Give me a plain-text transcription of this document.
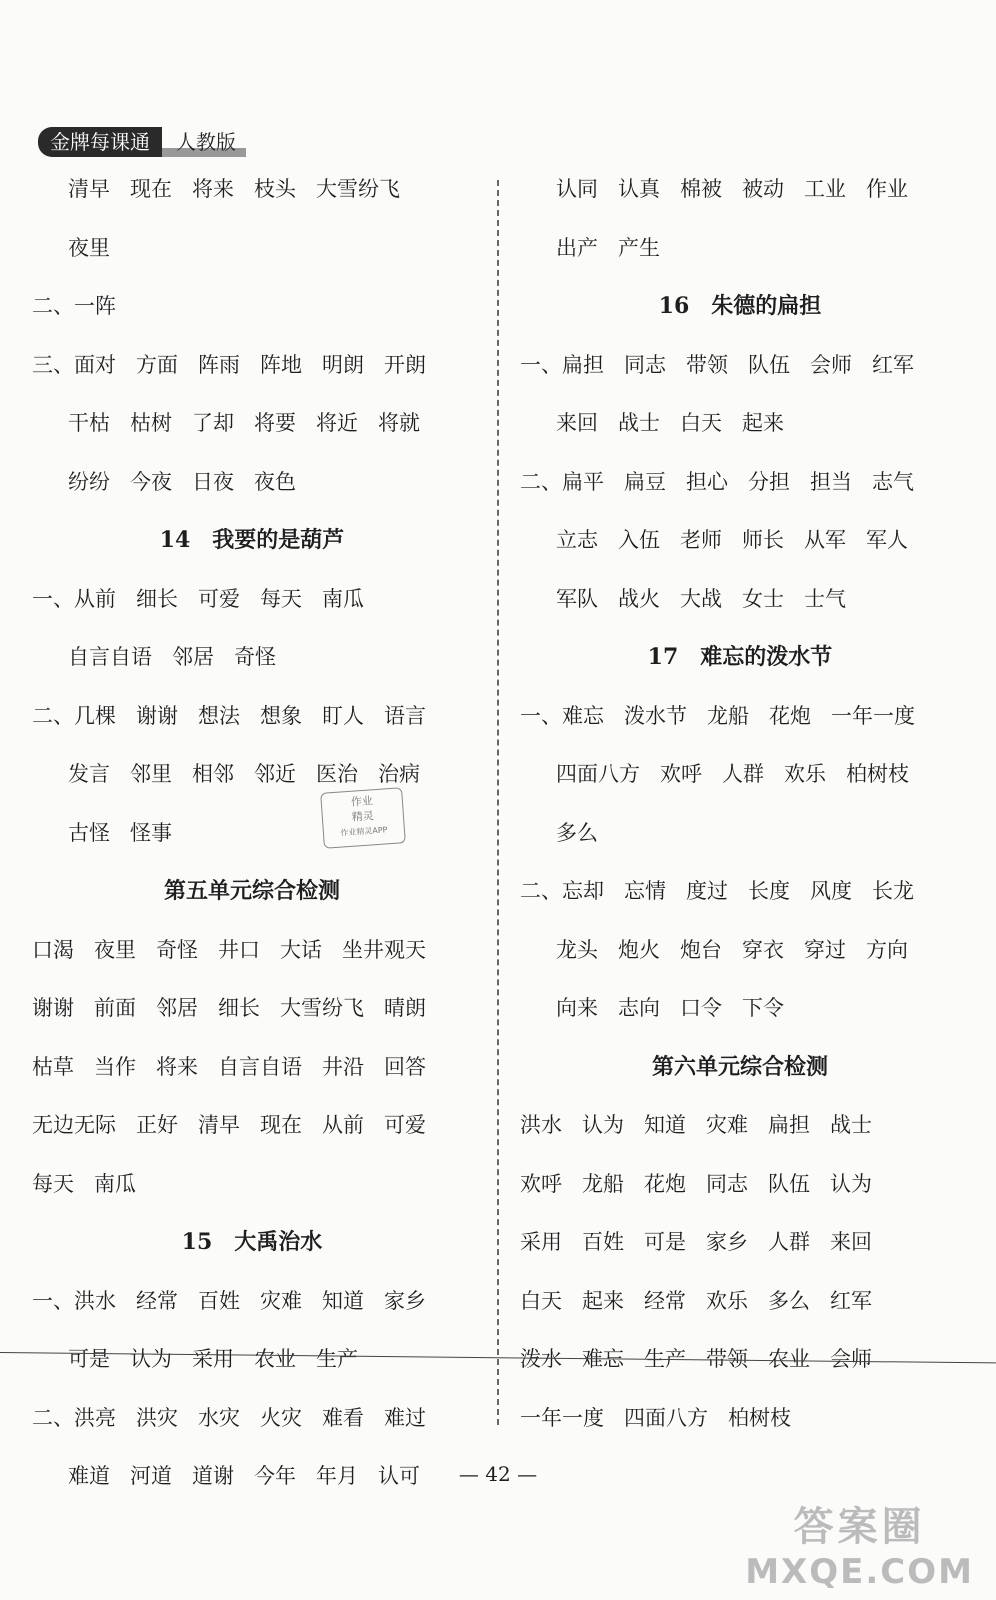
金牌每课通	人教版
清早 现在 将来 枝头 大雪纷飞
夜里
二、一阵
三、面对 方面 阵雨 阵地 明朗 开朗
干枯 枯树 了却 将要 将近 将就
纷纷 今夜 日夜 夜色
14 我要的是葫芦
一、从前 细长 可爱 每天 南瓜
自言自语 邻居 奇怪
二、几棵 谢谢 想法 想象 盯人 语言
发言 邻里 相邻 邻近 医治 治病
古怪 怪事
第五单元综合检测
口渴 夜里 奇怪 井口 大话 坐井观天
谢谢 前面 邻居 细长 大雪纷飞 晴朗
枯草 当作 将来 自言自语 井沿 回答
无边无际 正好 清早 现在 从前 可爱
每天 南瓜
15 大禹治水
一、洪水 经常 百姓 灾难 知道 家乡
可是 认为 采用 农业 生产
二、洪亮 洪灾 水灾 火灾 难看 难过
难道 河道 道谢 今年 年月 认可
认同 认真 棉被 被动 工业 作业
出产 产生
16 朱德的扁担
一、扁担 同志 带领 队伍 会师 红军
来回 战士 白天 起来
二、扁平 扁豆 担心 分担 担当 志气
立志 入伍 老师 师长 从军 军人
军队 战火 大战 女士 士气
17 难忘的泼水节
一、难忘 泼水节 龙船 花炮 一年一度
四面八方 欢呼 人群 欢乐 柏树枝
多么
二、忘却 忘情 度过 长度 风度 长龙
龙头 炮火 炮台 穿衣 穿过 方向
向来 志向 口令 下令
第六单元综合检测
洪水 认为 知道 灾难 扁担 战士
欢呼 龙船 花炮 同志 队伍 认为
采用 百姓 可是 家乡 人群 来回
白天 起来 经常 欢乐 多么 红军
泼水 难忘 生产 带领 农业 会师
一年一度 四面八方 柏树枝
作业
精灵
作业精灵APP
— 42 —
答案圈
MXQE.COM
